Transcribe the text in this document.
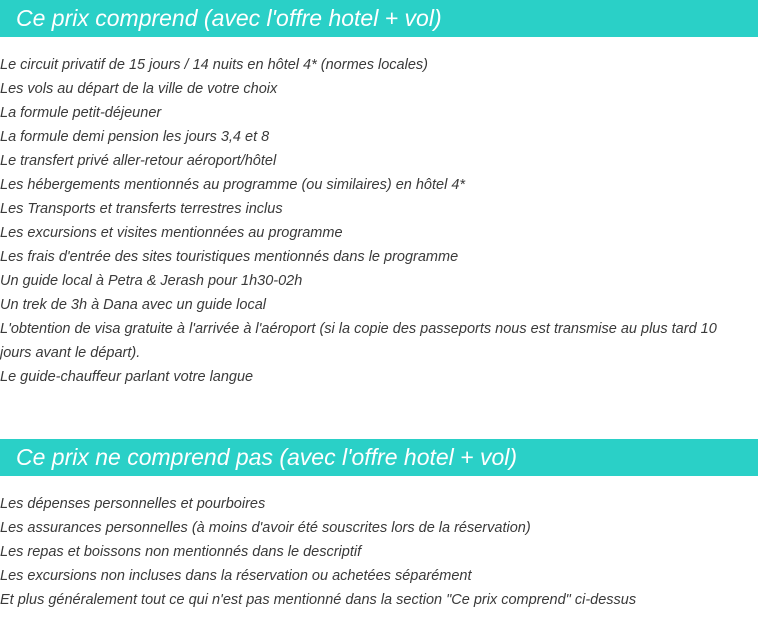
Ce prix comprend (avec l'offre hotel + vol)
Le circuit privatif de 15 jours / 14 nuits en hôtel 4* (normes locales)
Les vols au départ de la ville de votre choix
La formule petit-déjeuner
La formule demi pension les jours 3,4 et 8
Le transfert privé aller-retour aéroport/hôtel
Les hébergements mentionnés au programme (ou similaires) en hôtel 4*
Les Transports et transferts terrestres inclus
Les excursions et visites mentionnées au programme
Les frais d'entrée des sites touristiques mentionnés dans le programme
Un guide local à Petra & Jerash pour 1h30-02h
Un trek de 3h à Dana avec un guide local
L'obtention de visa gratuite à l'arrivée à l'aéroport (si la copie des passeports nous est transmise au plus tard 10 jours avant le départ).
Le guide-chauffeur parlant votre langue
Ce prix ne comprend pas (avec l'offre hotel + vol)
Les dépenses personnelles et pourboires
Les assurances personnelles (à moins d'avoir été souscrites lors de la réservation)
Les repas et boissons non mentionnés dans le descriptif
Les excursions non incluses dans la réservation ou achetées séparément
Et plus généralement tout ce qui n'est pas mentionné dans la section "Ce prix comprend" ci-dessus
